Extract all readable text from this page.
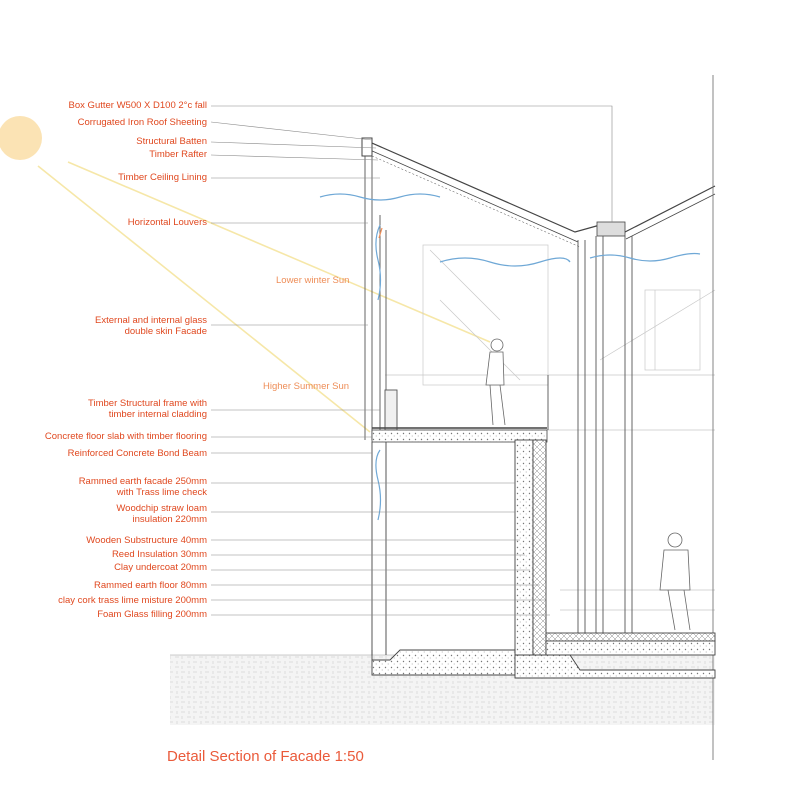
Box Gutter W500 X D100 2°c fall
Corrugated Iron Roof Sheeting
Structural Batten
Timber Rafter
Timber Ceiling Lining
Horizontal Louvers
External and internal glass
double skin Facade
Timber Structural frame with
timber internal cladding
Concrete floor slab with timber flooring
Reinforced Concrete Bond Beam
Rammed earth facade 250mm
with Trass lime check
Woodchip straw loam
insulation 220mm
Wooden Substructure 40mm
Reed Insulation 30mm
Clay undercoat 20mm
Rammed earth floor 80mm
clay cork trass lime misture 200mm
Foam Glass filling 200mm
Lower winter Sun
Higher Summer Sun
Detail Section of Facade 1:50
